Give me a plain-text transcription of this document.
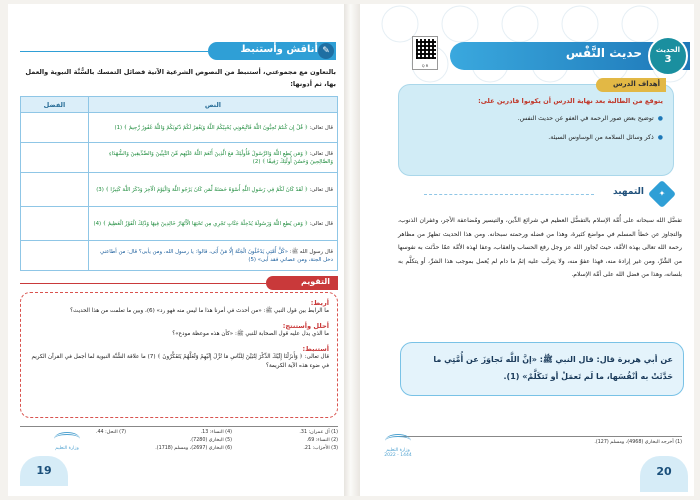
أناقش وأستنبط ✎
بالتعاون مع مجموعتي، أستنبط من النصوص الشرعية الآتية فضائل التمسك بالسُّنَّة النبوية والعمل بها، ثم أدونها:
النص	الفضل
قال تعالى: ﴿ قُلْ إِن كُنتُمْ تُحِبُّونَ اللَّهَ فَاتَّبِعُونِي يُحْبِبْكُمُ اللَّهُ وَيَغْفِرْ لَكُمْ ذُنُوبَكُمْ وَاللَّهُ غَفُورٌ رَّحِيمٌ ﴾ (1)	
قال تعالى: ﴿ وَمَن يُطِعِ اللَّهَ وَالرَّسُولَ فَأُولَٰئِكَ مَعَ الَّذِينَ أَنْعَمَ اللَّهُ عَلَيْهِم مِّنَ النَّبِيِّينَ وَالصِّدِّيقِينَ وَالشُّهَدَاءِ وَالصَّالِحِينَ وَحَسُنَ أُولَٰئِكَ رَفِيقًا ﴾ (2)	
قال تعالى: ﴿ لَقَدْ كَانَ لَكُمْ فِي رَسُولِ اللَّهِ أُسْوَةٌ حَسَنَةٌ لِّمَن كَانَ يَرْجُو اللَّهَ وَالْيَوْمَ الْآخِرَ وَذَكَرَ اللَّهَ كَثِيرًا ﴾ (3)	
قال تعالى: ﴿ وَمَن يُطِعِ اللَّهَ وَرَسُولَهُ يُدْخِلْهُ جَنَّاتٍ تَجْرِي مِن تَحْتِهَا الْأَنْهَارُ خَالِدِينَ فِيهَا وَذَٰلِكَ الْفَوْزُ الْعَظِيمُ ﴾ (4)	
قال رسول الله ﷺ: «كُلُّ أُمَّتِي يَدْخُلُونَ الْجَنَّةَ إِلَّا مَنْ أَبَى، قالوا: يا رسول الله، ومن يأبى؟ قال: من أطاعني دخل الجنة، ومن عصاني فقد أبى» (5)	
التقويم
أربط:
ما الرابط بين قول النبي ﷺ: «من أحدث في أمرنا هذا ما ليس منه فهو رد» (6)، وبين ما تعلمت من هذا الحديث؟
أحلل وأستنتج:
ما الذي يدل عليه قول الصحابة للنبي ﷺ: «كأن هذه موعظة مودع»؟
أستنبط:
قال تعالى: ﴿ وَأَنزَلْنَا إِلَيْكَ الذِّكْرَ لِتُبَيِّنَ لِلنَّاسِ مَا نُزِّلَ إِلَيْهِمْ وَلَعَلَّهُمْ يَتَفَكَّرُونَ ﴾ (7) ما علاقة السُّنَّة النبوية لما أجمل في القرآن الكريم في ضوء هذه الآية الكريمة؟
(1) آل عمران: 31.
(4) النساء: 13.
(7) النحل: 44.
(2) النساء: 69.
(5) البخاري (7280).
(3) الأحزاب: 21.
(6) البخاري (2697)، ومسلم (1718).
وزارة التعليم
19
Q R
حديث النَّفْس	الحديث
3
يتوقع من الطالبة بعد نهاية الدرس أن يكونوا قادرين على:
● توضيح بعض صور الرحمة في العفو عن حديث النفس.
● ذكر وسائل السلامة من الوساوس السيئة.
أهداف الدرس
✦
التمهيد
تفضَّل الله سبحانه على أُمَّة الإسلام بالتفضُّل العظيم في شرائع الدِّين، والتيسير ومُضاعفة الأجر، وغفران الذنوب، والتجاوز عن خطأ المسلم في مواضع كثيرة، وهذا من فضله ورحمته سبحانه. ومن هذا الحديث تظهرُ من مظاهر رحمة الله تعالى بهذه الأمَّة، حيث تُجاوز الله عز وجل رفع الحساب والعقاب، وعفا لهذه الأمَّة عمّا حدَّثت به نفوسها من الشَّرِّ، ومن غير إرادة منه، فهذا عفوٌ منه، ولا يترتَّب عليه إثمٌ ما دام لم يُعمل بموجب هذا الشرِّ، أو يتكلَّم به بلسانه، وهذا من فضل الله على أمَّة الإسلام.
عن أبي هريرة قال: قال النبي ﷺ: «إنَّ اللَّه تَجاوَزَ عن أُمَّتِي ما حَدَّثَتْ به أنْفُسَها، ما لَم تَعمَلْ أو تَتكَلَّمْ» (1).
(1) أخرجه البخاري (4968)، ومسلم (127).
وزارة التعليم
2022 - 1444
20
